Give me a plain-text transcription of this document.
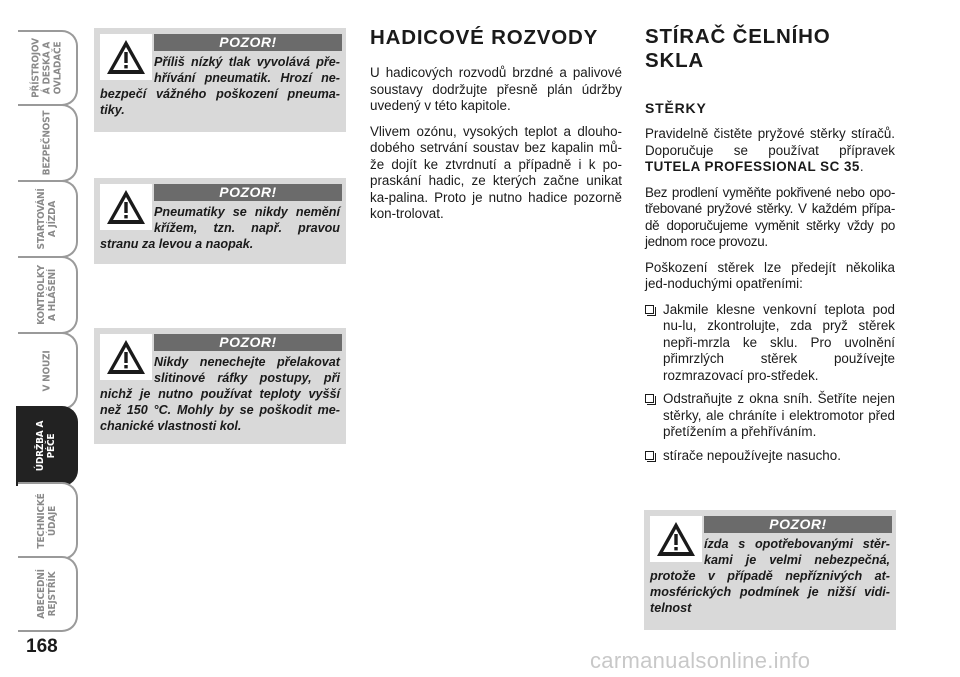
PŘÍSTROJOV Á DESKA A OVLADAČE
BEZPEČNOST
STARTOVÁNÍ A JÍZDA
KONTROLKY A HLÁŠENÍ
V NOUZI
ÚDRŽBA A PÉČE
TECHNICKÉ ÚDAJE
ABECEDNÍ REJSTŘÍK
168
POZOR!
Příliš nízký tlak vyvolává pře-hřívání pneumatik. Hrozí ne-bezpečí vážného poškození pneuma-tiky.
POZOR!
Pneumatiky se nikdy nemění křížem, tzn. např. pravou stranu za levou a naopak.
POZOR!
Nikdy nenechejte přelakovat slitinové ráfky postupy, při nichž je nutno používat teploty vyšší než 150 °C. Mohly by se poškodit me-chanické vlastnosti kol.
HADICOVÉ ROZVODY

U hadicových rozvodů brzdné a palivové soustavy dodržujte přesně plán údržby uvedený v této kapitole.

Vlivem ozónu, vysokých teplot a dlouho-dobého setrvání soustav bez kapalin mů-že dojít ke ztvrdnutí a případně i k po-praskání hadic, ze kterých začne unikat ka-palina. Proto je nutno hadice pozorně kon-trolovat.

STÍRAČ ČELNÍHO
SKLA
STĚRKY

Pravidelně čistěte pryžové stěrky stíračů. Doporučuje se používat přípravek TUTELA PROFESSIONAL SC 35.

Bez prodlení vyměňte pokřivené nebo opo-třebované pryžové stěrky. V každém přípa-dě doporučujeme vyměnit stěrky vždy po jednom roce provozu.

Poškození stěrek lze předejít několika jed-noduchými opatřeními:

Jakmile klesne venkovní teplota pod nu-lu, zkontrolujte, zda pryž stěrek nepři-mrzla ke sklu. Pro uvolnění přimrzlých stěrek používejte rozmrazovací pro-středek.
Odstraňujte z okna sníh. Šetříte nejen stěrky, ale chráníte i elektromotor před přetížením a přehříváním.
stírače nepoužívejte nasucho.
POZOR!
ízda s opotřebovanými stěr-kami je velmi nebezpečná, protože v případě nepříznivých at-mosférických podmínek je nižší vidi-telnost
carmanualsonline.info
